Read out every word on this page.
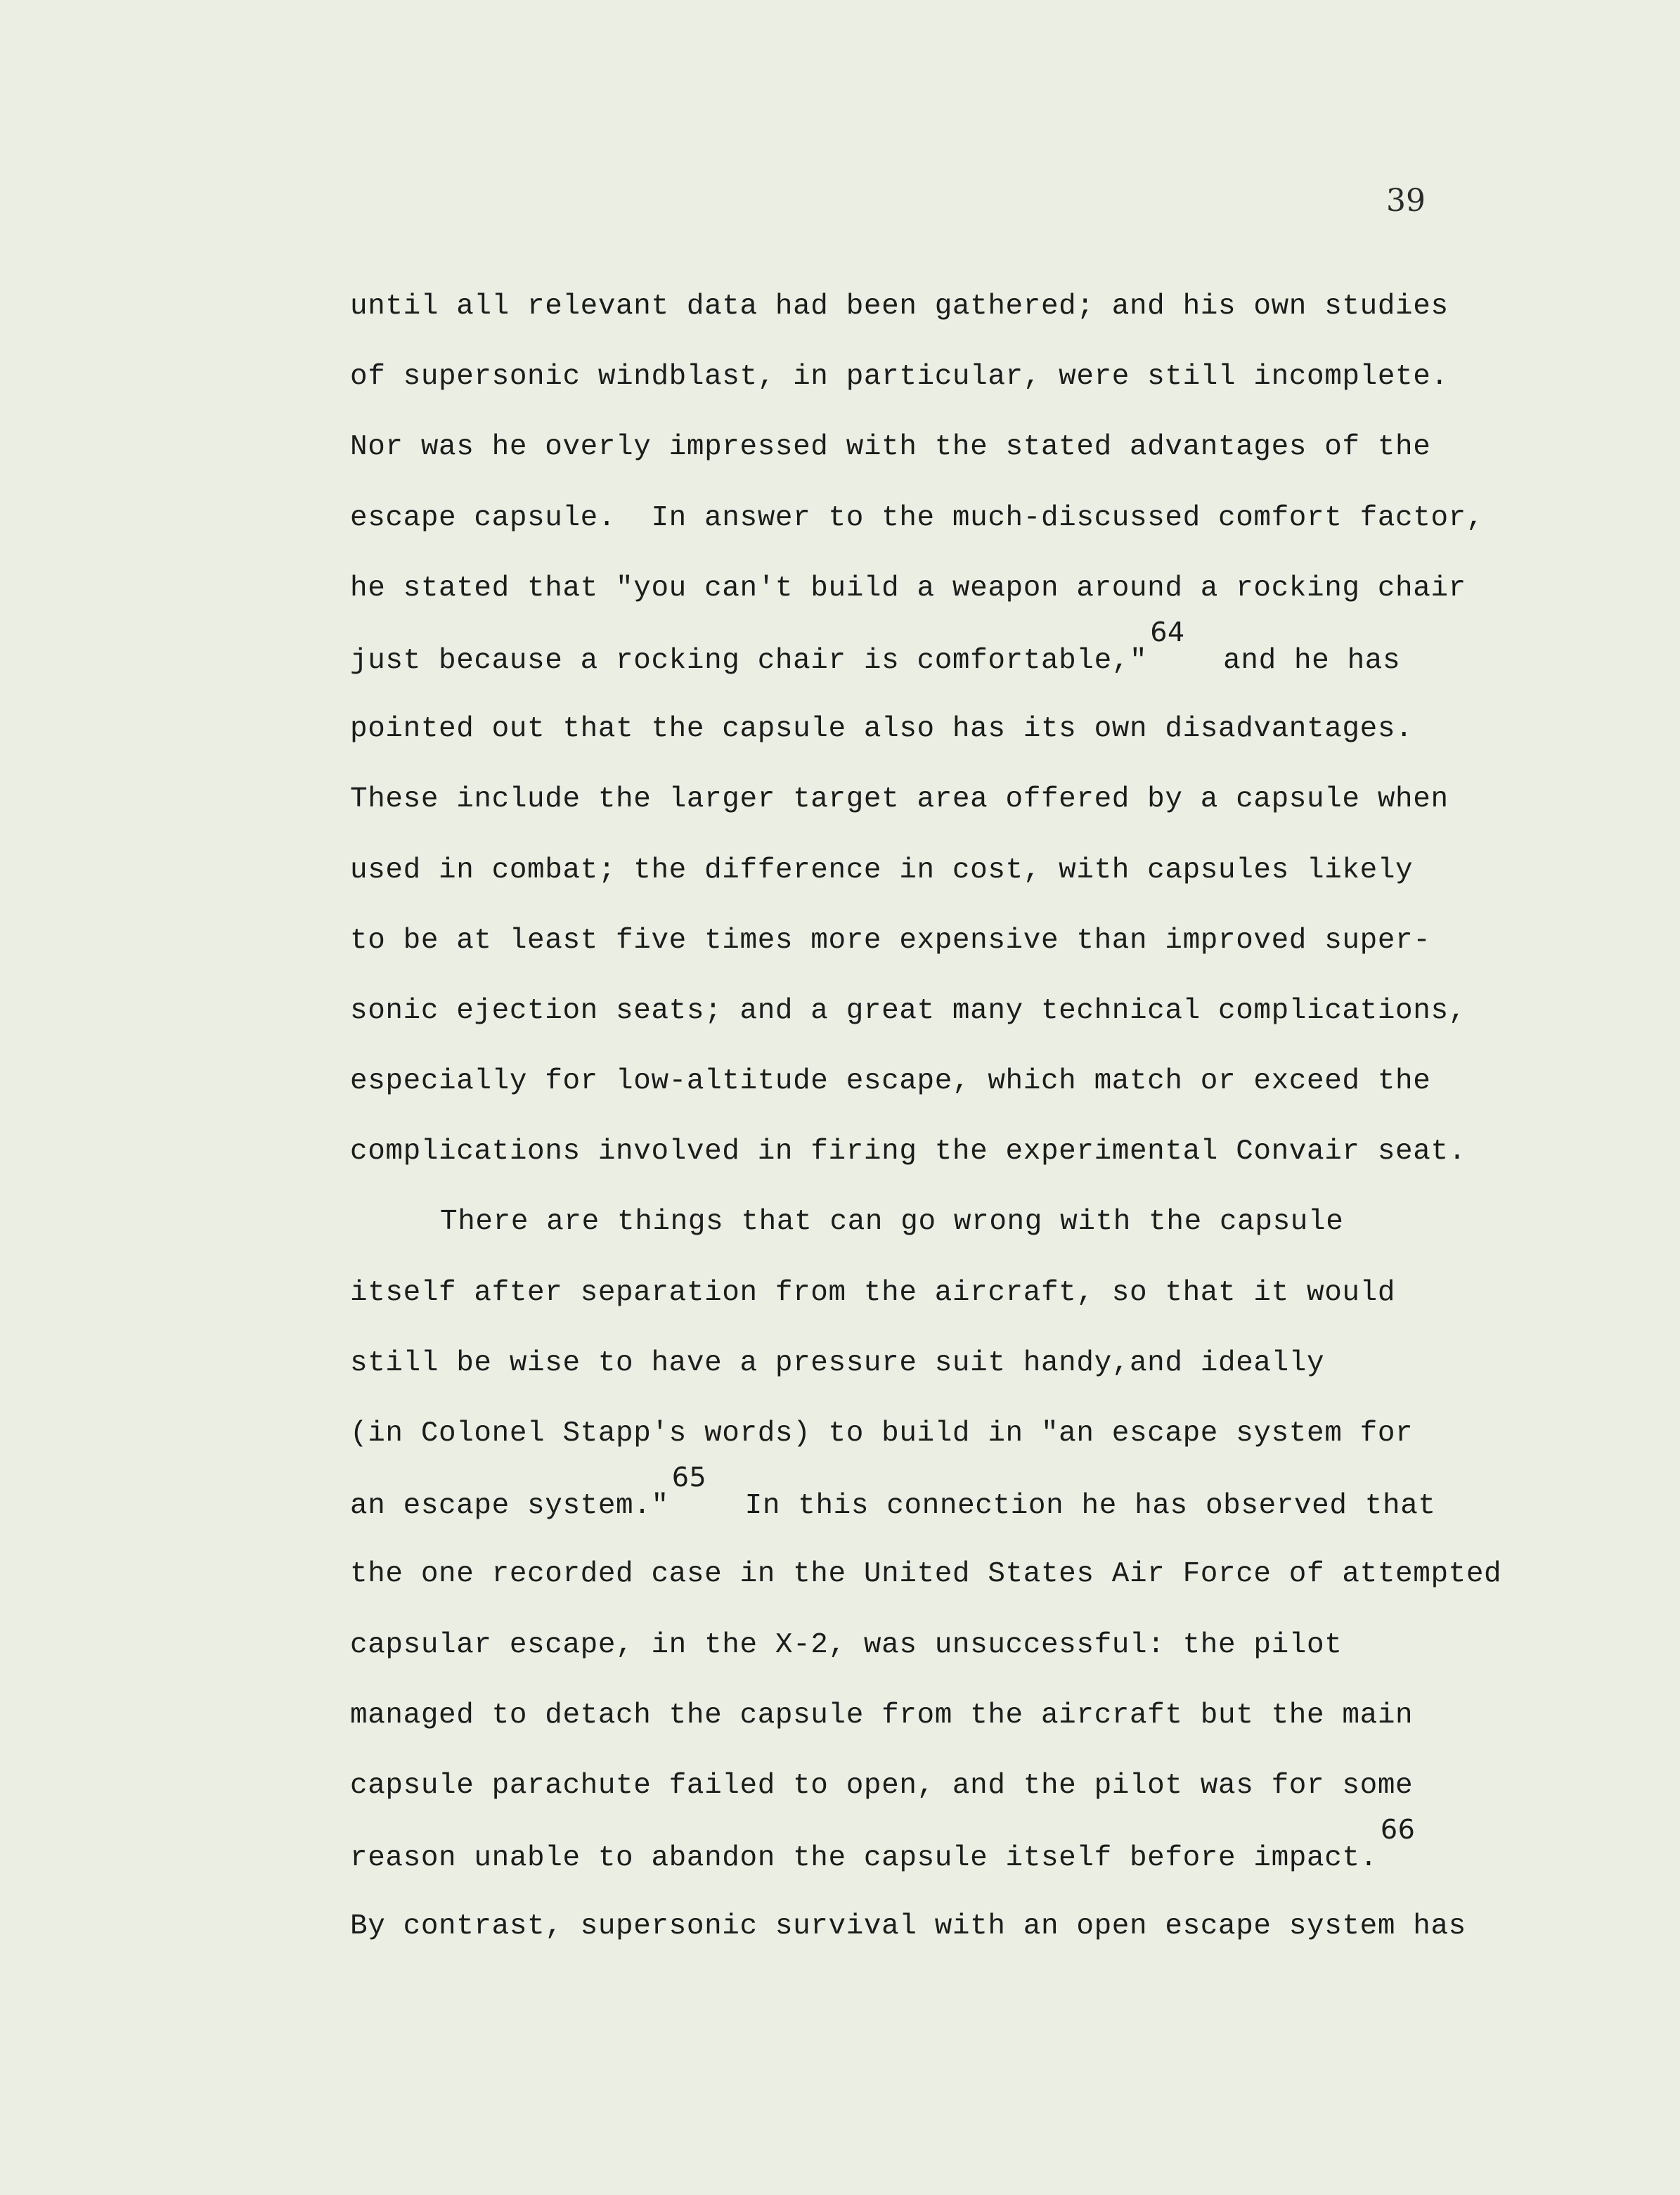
39

until all relevant data had been gathered; and his own studies

of supersonic windblast, in particular, were still incomplete.

Nor was he overly impressed with the stated advantages of the

escape capsule.  In answer to the much-discussed comfort factor,

he stated that "you can't build a weapon around a rocking chair

just because a rocking chair is comfortable,"64  and he has

pointed out that the capsule also has its own disadvantages.

These include the larger target area offered by a capsule when

used in combat; the difference in cost, with capsules likely

to be at least five times more expensive than improved super-

sonic ejection seats; and a great many technical complications,

especially for low-altitude escape, which match or exceed the

complications involved in firing the experimental Convair seat.

There are things that can go wrong with the capsule

itself after separation from the aircraft, so that it would

still be wise to have a pressure suit handy,and ideally

(in Colonel Stapp's words) to build in "an escape system for

an escape system."65  In this connection he has observed that

the one recorded case in the United States Air Force of attempted

capsular escape, in the X-2, was unsuccessful: the pilot

managed to detach the capsule from the aircraft but the main

capsule parachute failed to open, and the pilot was for some

reason unable to abandon the capsule itself before impact.66

By contrast, supersonic survival with an open escape system has
